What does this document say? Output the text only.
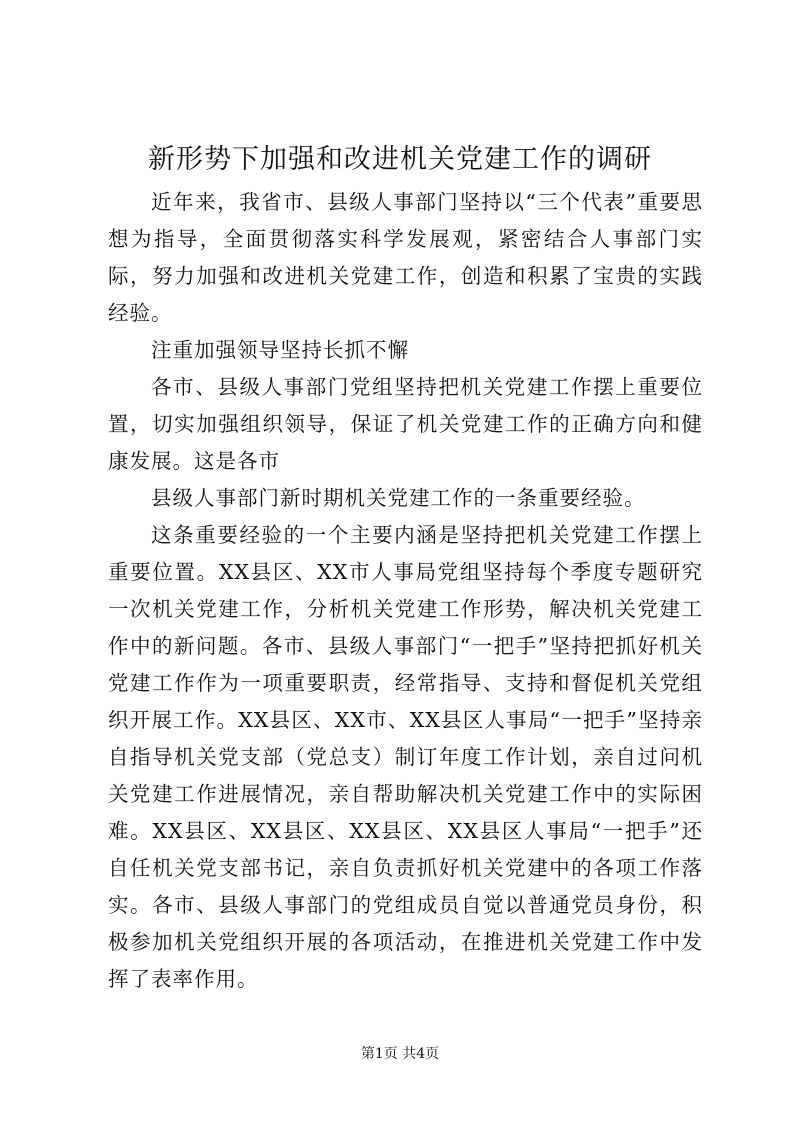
新形势下加强和改进机关党建工作的调研

近年来，我省市、县级人事部门坚持以“三个代表”重要思想为指导，全面贯彻落实科学发展观，紧密结合人事部门实际，努力加强和改进机关党建工作，创造和积累了宝贵的实践经验。

注重加强领导坚持长抓不懈

各市、县级人事部门党组坚持把机关党建工作摆上重要位置，切实加强组织领导，保证了机关党建工作的正确方向和健康发展。这是各市

县级人事部门新时期机关党建工作的一条重要经验。

这条重要经验的一个主要内涵是坚持把机关党建工作摆上重要位置。XX县区、XX市人事局党组坚持每个季度专题研究一次机关党建工作，分析机关党建工作形势，解决机关党建工作中的新问题。各市、县级人事部门“一把手”坚持把抓好机关党建工作作为一项重要职责，经常指导、支持和督促机关党组织开展工作。XX县区、XX市、XX县区人事局“一把手”坚持亲自指导机关党支部（党总支）制订年度工作计划，亲自过问机关党建工作进展情况，亲自帮助解决机关党建工作中的实际困难。XX县区、XX县区、XX县区、XX县区人事局“一把手”还自任机关党支部书记，亲自负责抓好机关党建中的各项工作落实。各市、县级人事部门的党组成员自觉以普通党员身份，积极参加机关党组织开展的各项活动，在推进机关党建工作中发挥了表率作用。

第1页 共4页
